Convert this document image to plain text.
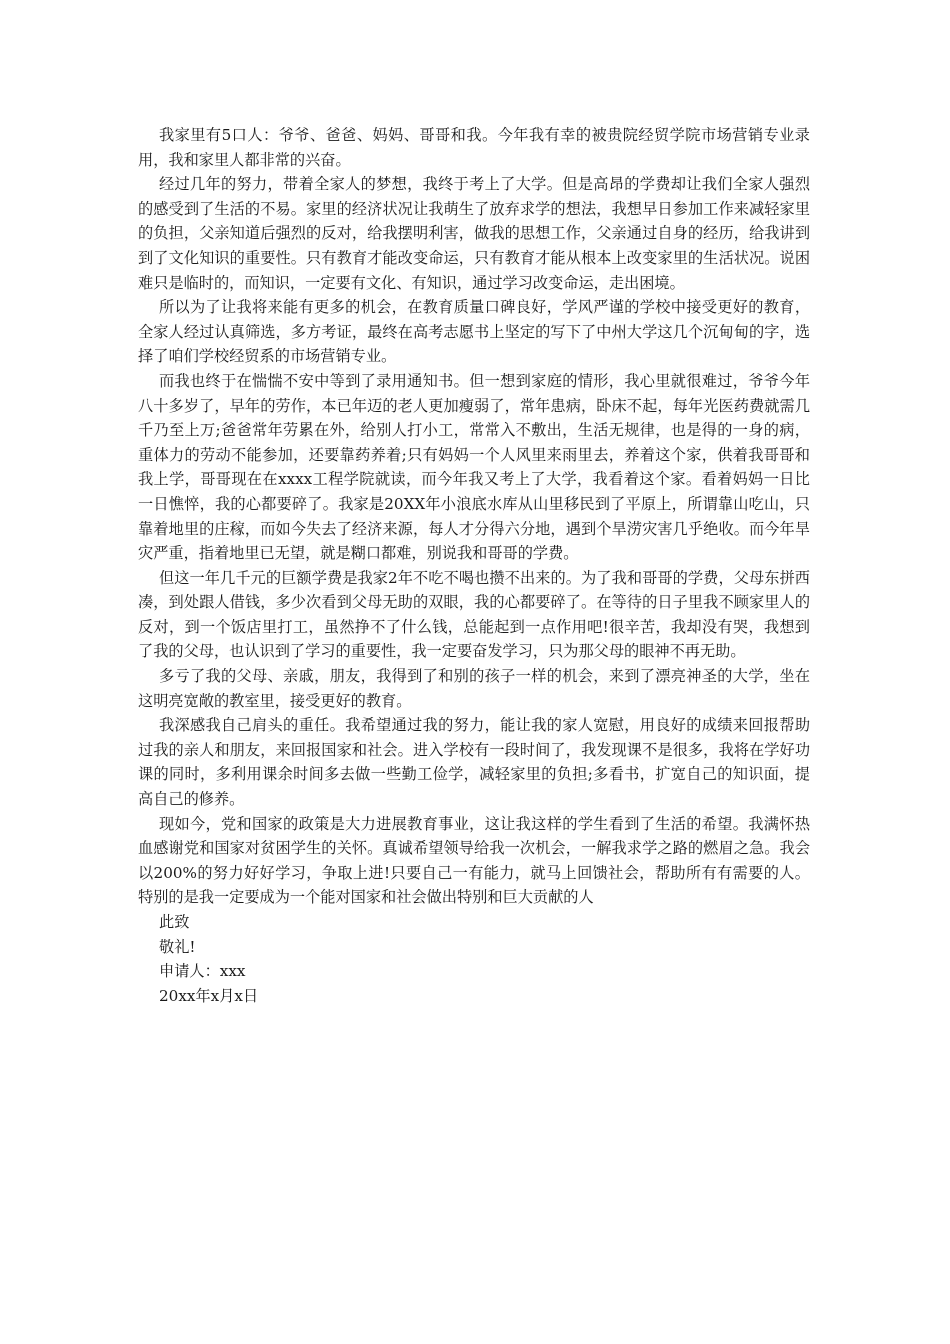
我家里有5口人：爷爷、爸爸、妈妈、哥哥和我。今年我有幸的被贵院经贸学院市场营销专业录用，我和家里人都非常的兴奋。

经过几年的努力，带着全家人的梦想，我终于考上了大学。但是高昂的学费却让我们全家人强烈的感受到了生活的不易。家里的经济状况让我萌生了放弃求学的想法，我想早日参加工作来减轻家里的负担，父亲知道后强烈的反对，给我摆明利害，做我的思想工作，父亲通过自身的经历，给我讲到到了文化知识的重要性。只有教育才能改变命运，只有教育才能从根本上改变家里的生活状况。说困难只是临时的，而知识，一定要有文化、有知识，通过学习改变命运，走出困境。

所以为了让我将来能有更多的机会，在教育质量口碑良好，学风严谨的学校中接受更好的教育，全家人经过认真筛选，多方考证，最终在高考志愿书上坚定的写下了中州大学这几个沉甸甸的字，选择了咱们学校经贸系的市场营销专业。

而我也终于在惴惴不安中等到了录用通知书。但一想到家庭的情形，我心里就很难过，爷爷今年八十多岁了，早年的劳作，本已年迈的老人更加瘦弱了，常年患病，卧床不起，每年光医药费就需几千乃至上万;爸爸常年劳累在外，给别人打小工，常常入不敷出，生活无规律，也是得的一身的病，重体力的劳动不能参加，还要靠药养着;只有妈妈一个人风里来雨里去，养着这个家，供着我哥哥和我上学，哥哥现在在xxxx工程学院就读，而今年我又考上了大学，我看着这个家。看着妈妈一日比一日憔悴，我的心都要碎了。我家是20XX年小浪底水库从山里移民到了平原上，所谓靠山吃山，只靠着地里的庄稼，而如今失去了经济来源，每人才分得六分地，遇到个旱涝灾害几乎绝收。而今年旱灾严重，指着地里已无望，就是糊口都难，别说我和哥哥的学费。

但这一年几千元的巨额学费是我家2年不吃不喝也攒不出来的。为了我和哥哥的学费，父母东拼西凑，到处跟人借钱，多少次看到父母无助的双眼，我的心都要碎了。在等待的日子里我不顾家里人的反对，到一个饭店里打工，虽然挣不了什么钱，总能起到一点作用吧!很辛苦，我却没有哭，我想到了我的父母，也认识到了学习的重要性，我一定要奋发学习，只为那父母的眼神不再无助。

多亏了我的父母、亲戚，朋友，我得到了和别的孩子一样的机会，来到了漂亮神圣的大学，坐在这明亮宽敞的教室里，接受更好的教育。

我深感我自己肩头的重任。我希望通过我的努力，能让我的家人宽慰，用良好的成绩来回报帮助过我的亲人和朋友，来回报国家和社会。进入学校有一段时间了，我发现课不是很多，我将在学好功课的同时，多利用课余时间多去做一些勤工俭学，减轻家里的负担;多看书，扩宽自己的知识面，提高自己的修养。

现如今，党和国家的政策是大力进展教育事业，这让我这样的学生看到了生活的希望。我满怀热血感谢党和国家对贫困学生的关怀。真诚希望领导给我一次机会，一解我求学之路的燃眉之急。我会以200%的努力好好学习，争取上进!只要自己一有能力，就马上回馈社会，帮助所有有需要的人。特别的是我一定要成为一个能对国家和社会做出特别和巨大贡献的人

此致

敬礼!

申请人：xxx

20xx年x月x日
